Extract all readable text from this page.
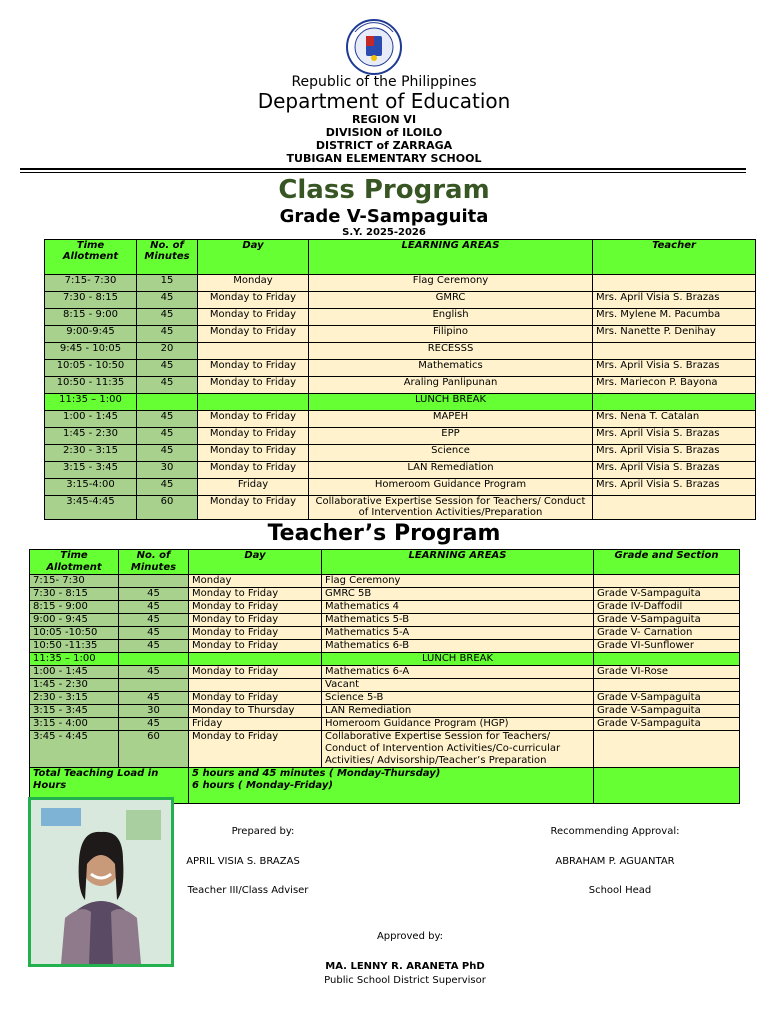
Republic of the Philippines
Department of Education
REGION VI
DIVISION of ILOILO
DISTRICT of ZARRAGA
TUBIGAN ELEMENTARY SCHOOL
Class Program
Grade V-Sampaguita
S.Y. 2025-2026
Time Allotment	No. of Minutes	Day	LEARNING AREAS	Teacher
7:15- 7:30	15	Monday	Flag Ceremony	
7:30 - 8:15	45	Monday to Friday	GMRC	Mrs. April Visia S. Brazas
8:15 - 9:00	45	Monday to Friday	English	Mrs. Mylene M. Pacumba
9:00-9:45	45	Monday to Friday	Filipino	Mrs. Nanette P. Denihay
9:45 - 10:05	20		RECESSS	
10:05 - 10:50	45	Monday to Friday	Mathematics	Mrs. April Visia S. Brazas
10:50 - 11:35	45	Monday to Friday	Araling Panlipunan	Mrs. Mariecon P. Bayona
11:35 – 1:00			LUNCH BREAK	
1:00 - 1:45	45	Monday to Friday	MAPEH	Mrs. Nena T. Catalan
1:45 - 2:30	45	Monday to Friday	EPP	Mrs. April Visia S. Brazas
2:30 - 3:15	45	Monday to Friday	Science	Mrs. April Visia S. Brazas
3:15 - 3:45	30	Monday to Friday	LAN Remediation	Mrs. April Visia S. Brazas
3:15-4:00	45	Friday	Homeroom Guidance Program	Mrs. April Visia S. Brazas
3:45-4:45	60	Monday to Friday	Collaborative Expertise Session for Teachers/ Conduct of Intervention Activities/Preparation	
Teacher’s Program
Time Allotment	No. of Minutes	Day	LEARNING AREAS	Grade and Section
7:15- 7:30		Monday	Flag Ceremony	
7:30 - 8:15	45	Monday to Friday	GMRC 5B	Grade V-Sampaguita
8:15 - 9:00	45	Monday to Friday	Mathematics 4	Grade IV-Daffodil
9:00 - 9:45	45	Monday to Friday	Mathematics 5-B	Grade V-Sampaguita
10:05 -10:50	45	Monday to Friday	Mathematics 5-A	Grade V- Carnation
10:50 -11:35	45	Monday to Friday	Mathematics 6-B	Grade VI-Sunflower
11:35 – 1:00			LUNCH BREAK	
1:00 - 1:45	45	Monday to Friday	Mathematics 6-A	Grade VI-Rose
1:45 - 2:30			Vacant	
2:30 - 3:15	45	Monday to Friday	Science 5-B	Grade V-Sampaguita
3:15 - 3:45	30	Monday to Thursday	LAN Remediation	Grade V-Sampaguita
3:15 - 4:00	45	Friday	Homeroom Guidance Program (HGP)	Grade V-Sampaguita
3:45 - 4:45	60	Monday to Friday	Collaborative Expertise Session for Teachers/ Conduct of Intervention Activities/Co-curricular Activities/ Advisorship/Teacher’s Preparation	
Total Teaching Load in Hours		5 hours and 45 minutes ( Monday-Thursday)
6 hours ( Monday-Friday)		

Prepared by:
APRIL VISIA S. BRAZAS
Teacher III/Class Adviser
Recommending Approval:
ABRAHAM P. AGUANTAR
School Head
Approved by:
MA. LENNY R. ARANETA PhD
Public School District Supervisor
